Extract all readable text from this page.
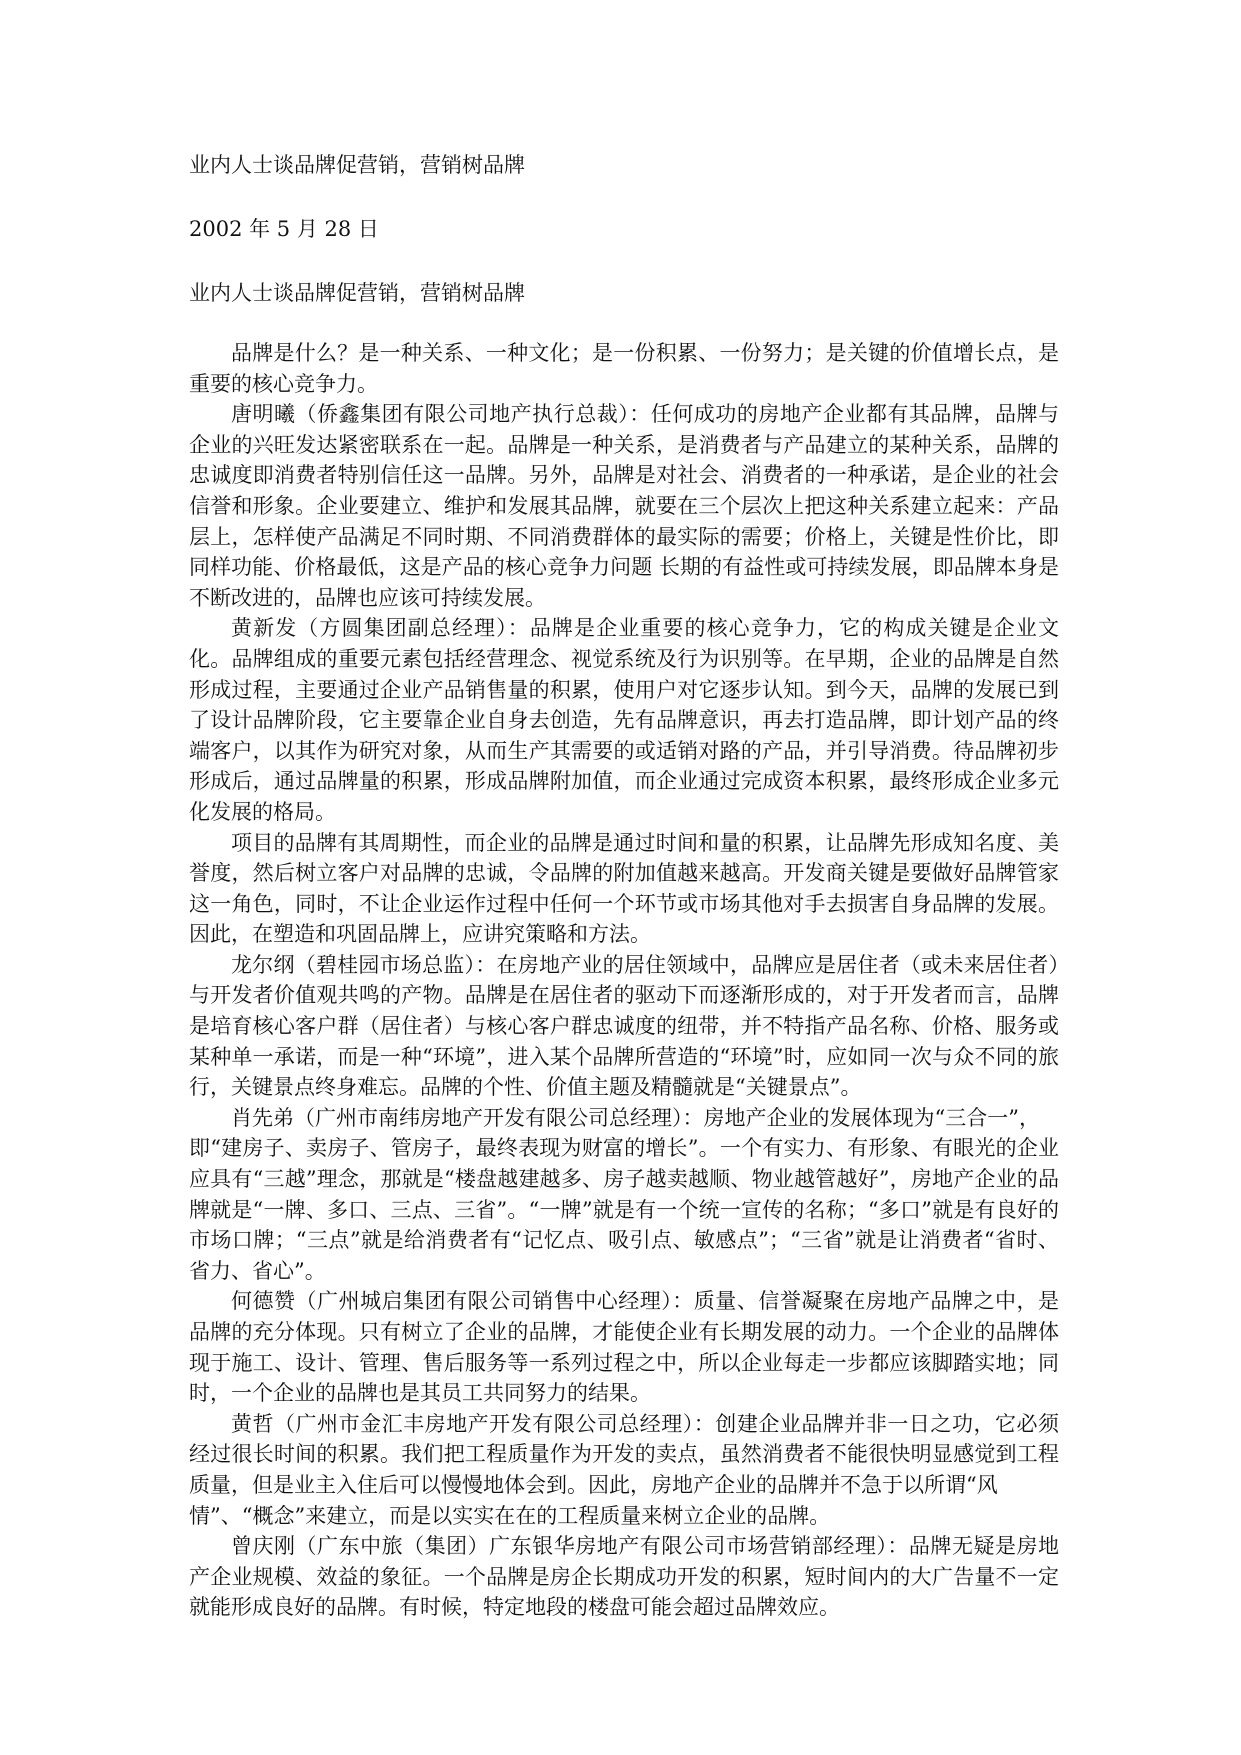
业内人士谈品牌促营销，营销树品牌

2002 年 5 月 28 日

业内人士谈品牌促营销，营销树品牌

品牌是什么？是一种关系、一种文化；是一份积累、一份努力；是关键的价值增长点，是重要的核心竞争力。

唐明曦（侨鑫集团有限公司地产执行总裁）：任何成功的房地产企业都有其品牌，品牌与企业的兴旺发达紧密联系在一起。品牌是一种关系，是消费者与产品建立的某种关系，品牌的忠诚度即消费者特别信任这一品牌。另外，品牌是对社会、消费者的一种承诺，是企业的社会信誉和形象。企业要建立、维护和发展其品牌，就要在三个层次上把这种关系建立起来：产品层上，怎样使产品满足不同时期、不同消费群体的最实际的需要；价格上，关键是性价比，即同样功能、价格最低，这是产品的核心竞争力问题 长期的有益性或可持续发展，即品牌本身是不断改进的，品牌也应该可持续发展。

黄新发（方圆集团副总经理）：品牌是企业重要的核心竞争力，它的构成关键是企业文化。品牌组成的重要元素包括经营理念、视觉系统及行为识别等。在早期，企业的品牌是自然形成过程，主要通过企业产品销售量的积累，使用户对它逐步认知。到今天，品牌的发展已到了设计品牌阶段，它主要靠企业自身去创造，先有品牌意识，再去打造品牌，即计划产品的终端客户，以其作为研究对象，从而生产其需要的或适销对路的产品，并引导消费。待品牌初步形成后，通过品牌量的积累，形成品牌附加值，而企业通过完成资本积累，最终形成企业多元化发展的格局。

项目的品牌有其周期性，而企业的品牌是通过时间和量的积累，让品牌先形成知名度、美誉度，然后树立客户对品牌的忠诚，令品牌的附加值越来越高。开发商关键是要做好品牌管家这一角色，同时，不让企业运作过程中任何一个环节或市场其他对手去损害自身品牌的发展。因此，在塑造和巩固品牌上，应讲究策略和方法。

龙尔纲（碧桂园市场总监）：在房地产业的居住领域中，品牌应是居住者（或未来居住者）与开发者价值观共鸣的产物。品牌是在居住者的驱动下而逐渐形成的，对于开发者而言，品牌是培育核心客户群（居住者）与核心客户群忠诚度的纽带，并不特指产品名称、价格、服务或某种单一承诺，而是一种“环境”，进入某个品牌所营造的“环境”时，应如同一次与众不同的旅行，关键景点终身难忘。品牌的个性、价值主题及精髓就是“关键景点”。

肖先弟（广州市南纬房地产开发有限公司总经理）：房地产企业的发展体现为“三合一”，

即“建房子、卖房子、管房子，最终表现为财富的增长”。一个有实力、有形象、有眼光的企业应具有“三越”理念，那就是“楼盘越建越多、房子越卖越顺、物业越管越好”，房地产企业的品牌就是“一牌、多口、三点、三省”。“一牌”就是有一个统一宣传的名称；“多口”就是有良好的市场口牌；“三点”就是给消费者有“记忆点、吸引点、敏感点”；“三省”就是让消费者“省时、省力、省心”。

何德赞（广州城启集团有限公司销售中心经理）：质量、信誉凝聚在房地产品牌之中，是品牌的充分体现。只有树立了企业的品牌，才能使企业有长期发展的动力。一个企业的品牌体现于施工、设计、管理、售后服务等一系列过程之中，所以企业每走一步都应该脚踏实地；同时，一个企业的品牌也是其员工共同努力的结果。

黄哲（广州市金汇丰房地产开发有限公司总经理）：创建企业品牌并非一日之功，它必须经过很长时间的积累。我们把工程质量作为开发的卖点，虽然消费者不能很快明显感觉到工程质量，但是业主入住后可以慢慢地体会到。因此，房地产企业的品牌并不急于以所谓“风

情”、“概念”来建立，而是以实实在在的工程质量来树立企业的品牌。

曾庆刚（广东中旅（集团）广东银华房地产有限公司市场营销部经理）：品牌无疑是房地产企业规模、效益的象征。一个品牌是房企长期成功开发的积累，短时间内的大广告量不一定就能形成良好的品牌。有时候，特定地段的楼盘可能会超过品牌效应。
